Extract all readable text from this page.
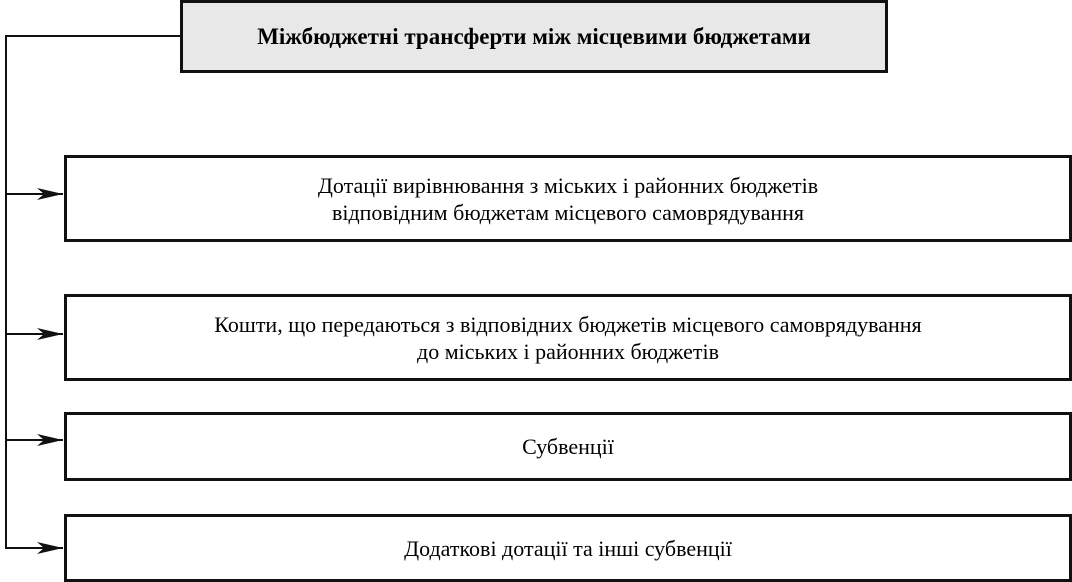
Міжбюджетні трансферти між місцевими бюджетами
Дотації вирівнювання з міських і районних бюджетів
відповідним бюджетам місцевого самоврядування
Кошти, що передаються з відповідних бюджетів місцевого самоврядування
до міських і районних бюджетів
Субвенції
Додаткові дотації та інші субвенції
